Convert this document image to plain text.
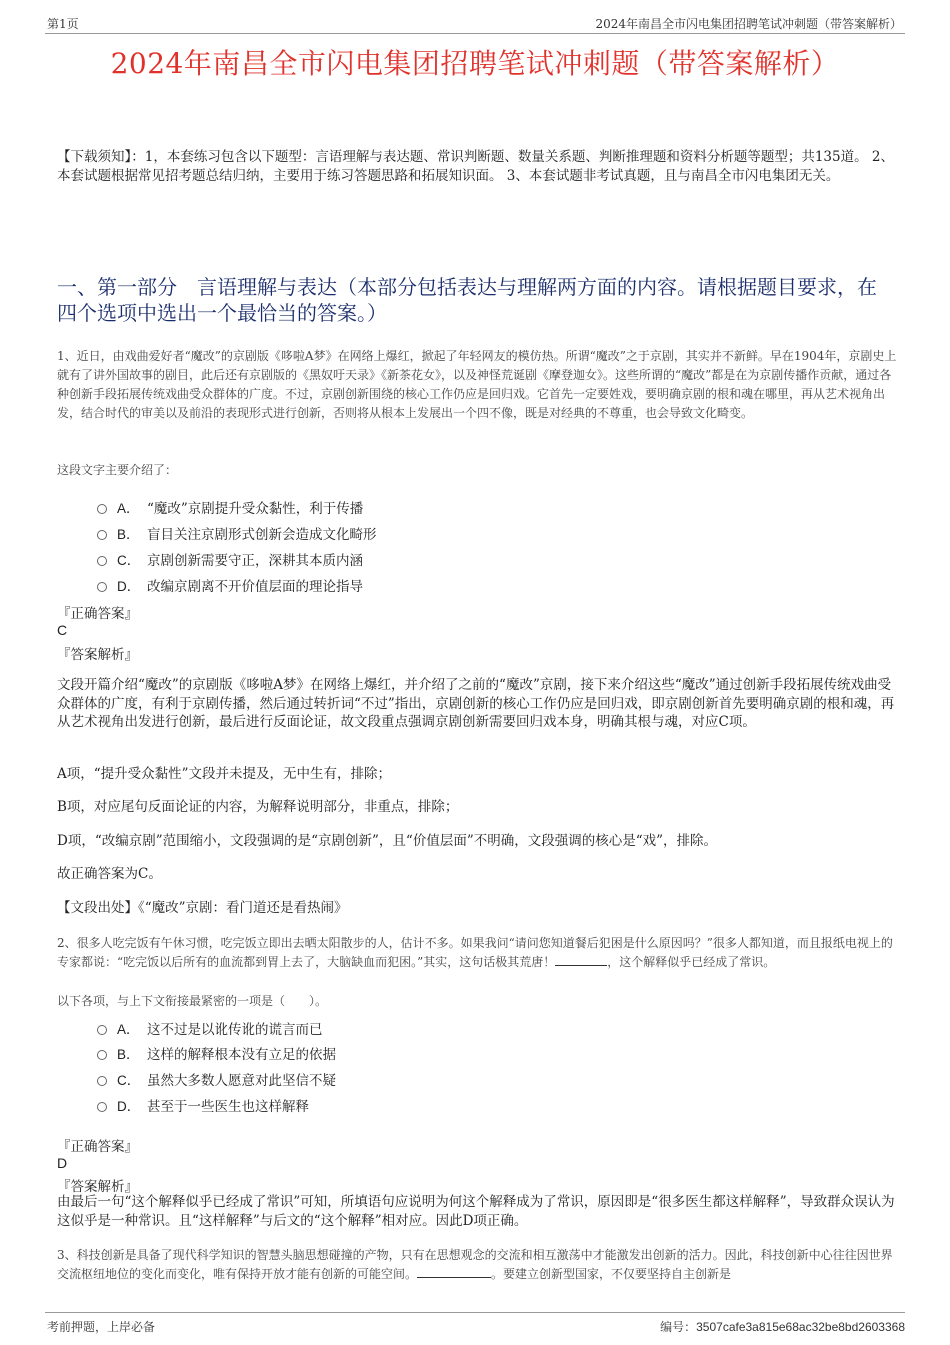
第1页	2024年南昌全市闪电集团招聘笔试冲刺题（带答案解析）
2024年南昌全市闪电集团招聘笔试冲刺题（带答案解析）
【下载须知】：1，本套练习包含以下题型：言语理解与表达题、常识判断题、数量关系题、判断推理题和资料分析题等题型；共135道。 2、本套试题根据常见招考题总结归纳，主要用于练习答题思路和拓展知识面。 3、本套试题非考试真题，且与南昌全市闪电集团无关。
一、第一部分　言语理解与表达（本部分包括表达与理解两方面的内容。请根据题目要求，在四个选项中选出一个最恰当的答案。）
1、近日，由戏曲爱好者“魔改”的京剧版《哆啦A梦》在网络上爆红，掀起了年轻网友的模仿热。所谓“魔改”之于京剧，其实并不新鲜。早在1904年，京剧史上就有了讲外国故事的剧目，此后还有京剧版的《黑奴吁天录》《新茶花女》，以及神怪荒诞剧《摩登迦女》。这些所谓的“魔改”都是在为京剧传播作贡献，通过各种创新手段拓展传统戏曲受众群体的广度。不过，京剧创新围绕的核心工作仍应是回归戏。它首先一定要姓戏，要明确京剧的根和魂在哪里，再从艺术视角出发，结合时代的审美以及前沿的表现形式进行创新，否则将从根本上发展出一个四不像，既是对经典的不尊重，也会导致文化畸变。
这段文字主要介绍了：
A． “魔改”京剧提升受众黏性，利于传播
B． 盲目关注京剧形式创新会造成文化畸形
C． 京剧创新需要守正，深耕其本质内涵
D． 改编京剧离不开价值层面的理论指导
『正确答案』
C
『答案解析』
文段开篇介绍“魔改”的京剧版《哆啦A梦》在网络上爆红，并介绍了之前的“魔改”京剧，接下来介绍这些“魔改”通过创新手段拓展传统戏曲受众群体的广度，有利于京剧传播，然后通过转折词“不过”指出，京剧创新的核心工作仍应是回归戏，即京剧创新首先要明确京剧的根和魂，再从艺术视角出发进行创新，最后进行反面论证，故文段重点强调京剧创新需要回归戏本身，明确其根与魂，对应C项。
A项，“提升受众黏性”文段并未提及，无中生有，排除；
B项，对应尾句反面论证的内容，为解释说明部分，非重点，排除；
D项，“改编京剧”范围缩小，文段强调的是“京剧创新”，且“价值层面”不明确，文段强调的核心是“戏”，排除。
故正确答案为C。
【文段出处】《“魔改”京剧：看门道还是看热闹》
2、很多人吃完饭有午休习惯，吃完饭立即出去晒太阳散步的人，估计不多。如果我问“请问您知道餐后犯困是什么原因吗？”很多人都知道，而且报纸电视上的专家都说：“吃完饭以后所有的血流都到胃上去了，大脑缺血而犯困。”其实，这句话极其荒唐！	，这个解释似乎已经成了常识。
以下各项，与上下文衔接最紧密的一项是（　　）。
A． 这不过是以讹传讹的谎言而已
B． 这样的解释根本没有立足的依据
C． 虽然大多数人愿意对此坚信不疑
D． 甚至于一些医生也这样解释
『正确答案』
D
『答案解析』
由最后一句“这个解释似乎已经成了常识”可知，所填语句应说明为何这个解释成为了常识，原因即是“很多医生都这样解释”，导致群众误认为这似乎是一种常识。且“这样解释”与后文的“这个解释”相对应。因此D项正确。
3、科技创新是具备了现代科学知识的智慧头脑思想碰撞的产物，只有在思想观念的交流和相互激荡中才能激发出创新的活力。因此，科技创新中心往往因世界交流枢纽地位的变化而变化，唯有保持开放才能有创新的可能空间。	。要建立创新型国家，不仅要坚持自主创新是
考前押题，上岸必备	编号：3507cafe3a815e68ac32be8bd2603368
